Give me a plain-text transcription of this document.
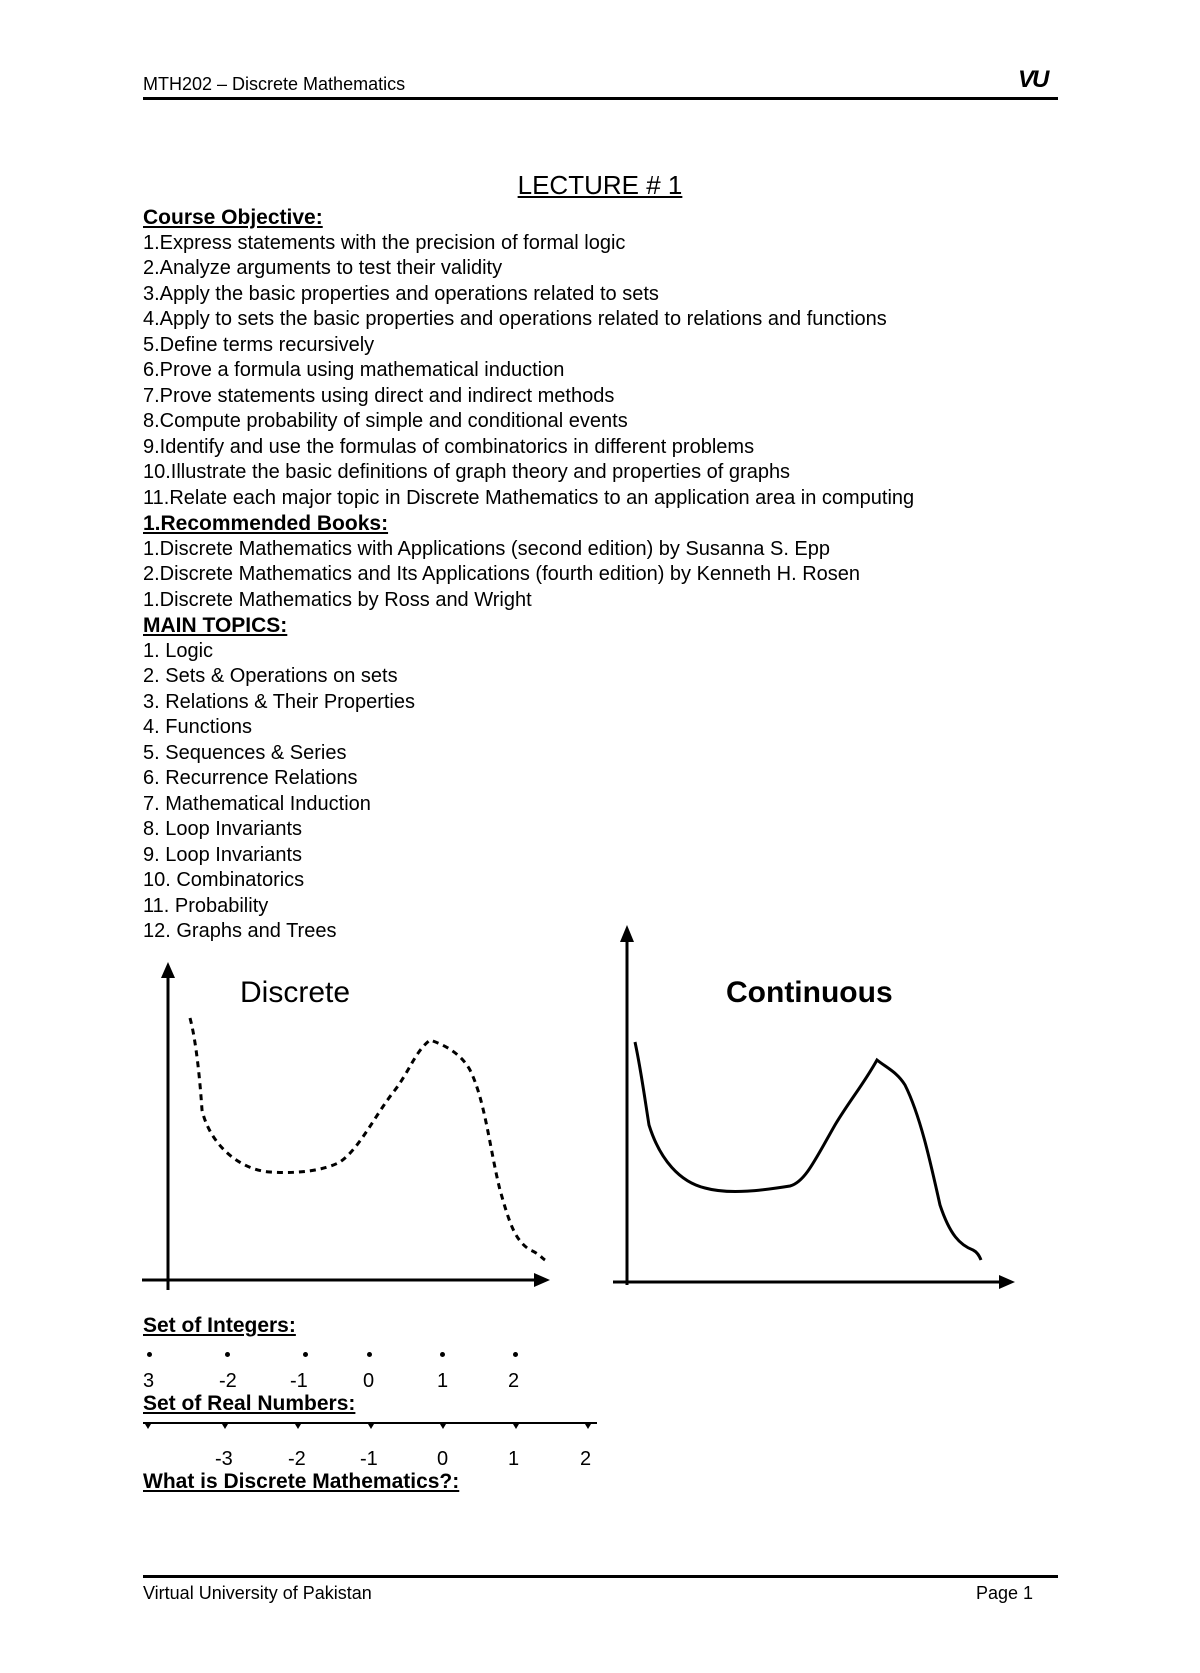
MTH202 – Discrete Mathematics	VU
LECTURE # 1
Course Objective:
1.Express statements with the precision of formal logic
2.Analyze arguments to test their validity
3.Apply the basic properties and operations related to sets
4.Apply to sets the basic properties and operations related to relations and functions
5.Define terms recursively
6.Prove a formula using mathematical induction
7.Prove statements using direct and indirect methods
8.Compute probability of simple and conditional events
9.Identify and use the formulas of combinatorics in different problems
10.Illustrate the basic definitions of graph theory and properties of graphs
11.Relate each major topic in Discrete Mathematics to an application area in computing
1.Recommended Books:
1.Discrete Mathematics with Applications (second edition) by Susanna S. Epp
2.Discrete Mathematics and Its Applications (fourth edition) by Kenneth H. Rosen
1.Discrete Mathematics by Ross and Wright
MAIN TOPICS:
1. Logic
2. Sets & Operations on sets
3. Relations & Their Properties
4. Functions
5. Sequences & Series
6. Recurrence Relations
7. Mathematical Induction
8. Loop Invariants
9. Loop Invariants
10. Combinatorics
11. Probability
12. Graphs and Trees
Discrete	Continuous
Set of Integers:
3	-2	-1	0	1	2
Set of Real Numbers:
-3	-2	-1	0	1	2
What is Discrete Mathematics?:
Virtual University of Pakistan	Page 1
